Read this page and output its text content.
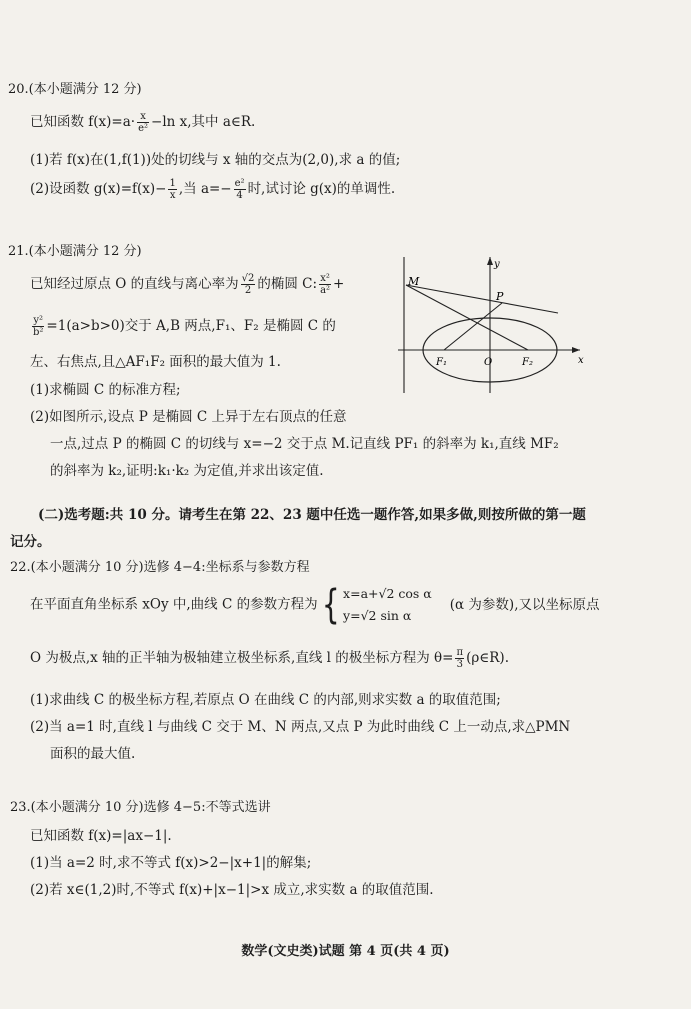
20.(本小题满分 12 分)
已知函数 $f(x)=a\cdot \frac{x}{\text{e²}} -\ln$ x,其中 a∈R.
(1)若 f(x)在(1,f(1))处的切线与 x 轴的交点为(2,0),求 a 的值;
(2)设函数 $g(x)=f(x)- \frac{1}{x}$ ,当 $a=- \frac{\text{e²}}{4}$ 时,试讨论 g(x)的单调性.
21.(本小题满分 12 分)
已知经过原点 O 的直线与离心率为 $\frac{√2}{2}$ 的椭圆 C: $\frac{\text{x²}}{\text{a²}}$ +
$\frac{\text{y²}}{\text{b²}} =1(a>b>0)$交于 A,B 两点,F₁、F₂ 是椭圆 C 的
左、右焦点,且△AF₁F₂ 面积的最大值为 1.
(1)求椭圆 C 的标准方程;
(2)如图所示,设点 P 是椭圆 C 上异于左右顶点的任意
一点,过点 P 的椭圆 C 的切线与 x=−2 交于点 M.记直线 PF₁ 的斜率为 k₁,直线 MF₂
的斜率为 k₂,证明:k₁·k₂ 为定值,并求出该定值.
M
P
F₁	O	F₂	x
y
(二)选考题:共 10 分。请考生在第 22、23 题中任选一题作答,如果多做,则按所做的第一题
记分。
22.(本小题满分 10 分)选修 4−4:坐标系与参数方程
在平面直角坐标系 xOy 中,曲线 C 的参数方程为{ x=a+√2 cos α
y=√2 sin α
(α 为参数),又以坐标原点
O 为极点,x 轴的正半轴为极轴建立极坐标系,直线 l 的极坐标方程为 $\theta= \frac{\pi}{3}$ (ρ∈R).
(1)求曲线 C 的极坐标方程,若原点 O 在曲线 C 的内部,则求实数 a 的取值范围;
(2)当 a=1 时,直线 l 与曲线 C 交于 M、N 两点,又点 P 为此时曲线 C 上一动点,求△PMN
面积的最大值.
23.(本小题满分 10 分)选修 4−5:不等式选讲
已知函数 f(x)=|ax−1|.
(1)当 a=2 时,求不等式 f(x)>2−|x+1|的解集;
(2)若 x∈(1,2)时,不等式 f(x)+|x−1|>x 成立,求实数 a 的取值范围.
数学(文史类)试题 第 4 页(共 4 页)
